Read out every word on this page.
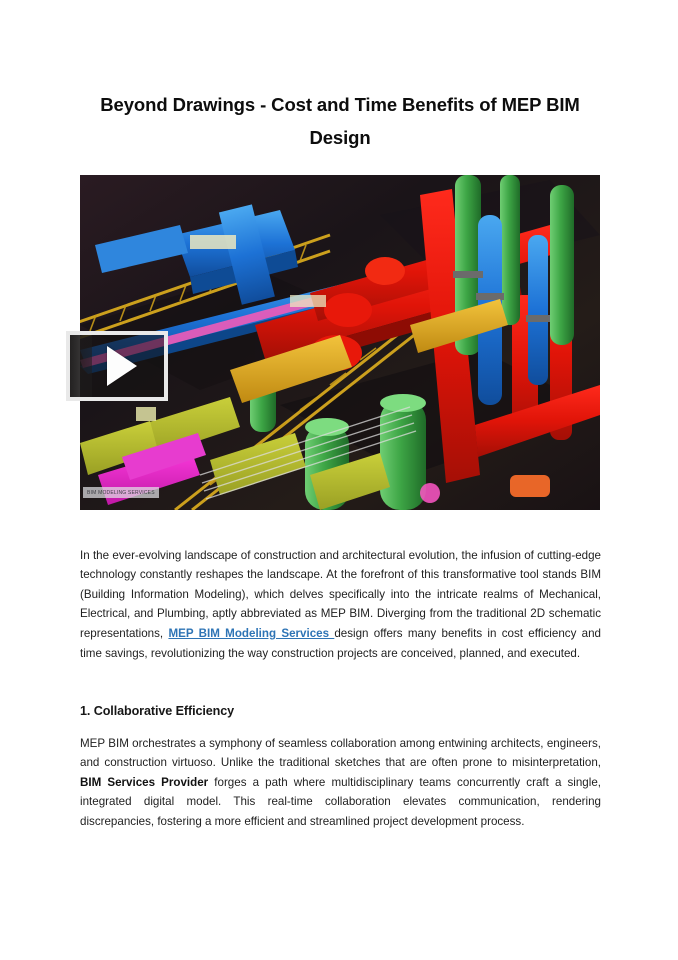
Beyond Drawings - Cost and Time Benefits of MEP BIM Design
BIM MODELING SERVICES

In the ever-evolving landscape of construction and architectural evolution, the infusion of cutting-edge technology constantly reshapes the landscape. At the forefront of this transformative tool stands BIM (Building Information Modeling), which delves specifically into the intricate realms of Mechanical, Electrical, and Plumbing, aptly abbreviated as MEP BIM. Diverging from the traditional 2D schematic representations, MEP BIM Modeling Services design offers many benefits in cost efficiency and time savings, revolutionizing the way construction projects are conceived, planned, and executed.

1. Collaborative Efficiency

MEP BIM orchestrates a symphony of seamless collaboration among entwining architects, engineers, and construction virtuoso. Unlike the traditional sketches that are often prone to misinterpretation, BIM Services Provider forges a path where multidisciplinary teams concurrently craft a single, integrated digital model. This real-time collaboration elevates communication, rendering discrepancies, fostering a more efficient and streamlined project development process.
